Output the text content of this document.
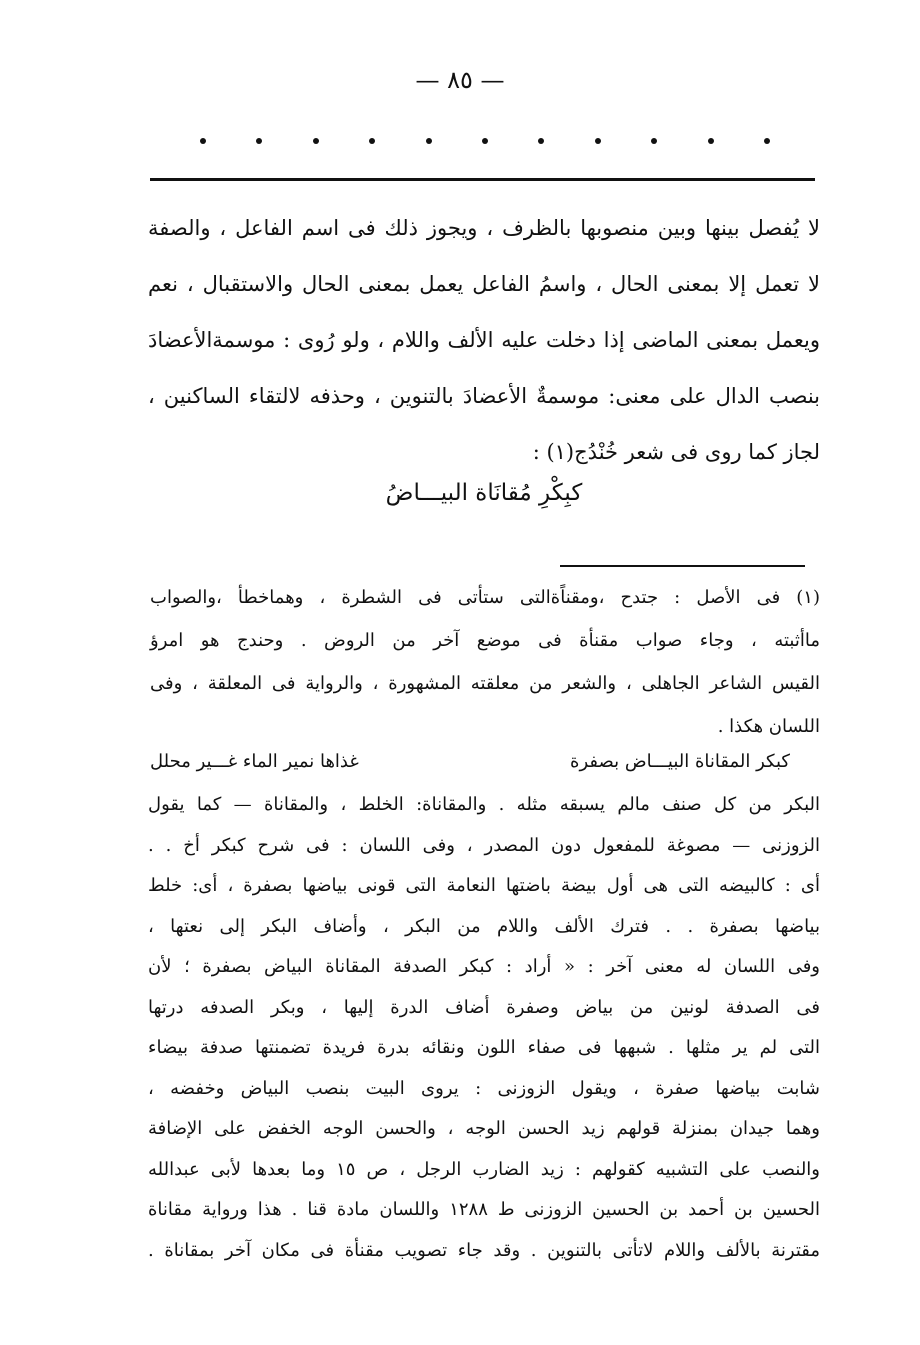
— ٨٥ —

لا يُفصل بينها وبين منصوبها بالظرف ، ويجوز ذلك فى اسم الفاعل ، والصفة

لا تعمل إلا بمعنى الحال ، واسمُ الفاعل يعمل بمعنى الحال والاستقبال ، نعم

ويعمل بمعنى الماضى إذا دخلت عليه الألف واللام ، ولو رُوى : موسمةالأعضادَ

بنصب الدال على معنى: موسمةٌ الأعضادَ بالتنوين ، وحذفه لالتقاء الساكنين ،

لجاز كما روى فى شعر خُنْدُج(١) :

كبِكْرِ مُقانَاة البيـــاضُ

(١) فى الأصل : جتدح ،ومقناًةالتى ستأتى فى الشطرة ، وهماخطأ ،والصواب

ماأثبته ، وجاء صواب مقنأة فى موضع آخر من الروض . وحندج هو امرؤ

القيس الشاعر الجاهلى ، والشعر من معلقته المشهورة ، والرواية فى المعلقة ، وفى

اللسان هكذا .

كبكر المقاناة البيـــاض بصفرة
غذاها نمير الماء غـــير محلل

البكر من كل صنف مالم يسبقه مثله . والمقاناة: الخلط ، والمقاناة — كما يقول

الزوزنى — مصوغة للمفعول دون المصدر ، وفى اللسان : فى شرح كبكر أخ . .

أى : كالبيضه التى هى أول بيضة باضتها النعامة التى قونى بياضها بصفرة ، أى: خلط

بياضها بصفرة . . فترك الألف واللام من البكر ، وأضاف البكر إلى نعتها ،

وفى اللسان له معنى آخر : « أراد : كبكر الصدفة المقاناة البياض بصفرة ؛ لأن

فى الصدفة لونين من بياض وصفرة أضاف الدرة إليها ، وبكر الصدفه درتها

التى لم ير مثلها . شبهها فى صفاء اللون ونقائه بدرة فريدة تضمنتها صدفة بيضاء

شابت بياضها صفرة ، ويقول الزوزنى : يروى البيت بنصب البياض وخفضه ،

وهما جيدان بمنزلة قولهم زيد الحسن الوجه ، والحسن الوجه الخفض على الإضافة

والنصب على التشبيه كقولهم : زيد الضارب الرجل ، ص ١٥ وما بعدها لأبى عبدالله

الحسين بن أحمد بن الحسين الزوزنى ط ١٢٨٨ واللسان مادة قنا . هذا ورواية مقاناة

مقترنة بالألف واللام لاتأتى بالتنوين . وقد جاء تصويب مقنأة فى مكان آخر بمقاناة .
